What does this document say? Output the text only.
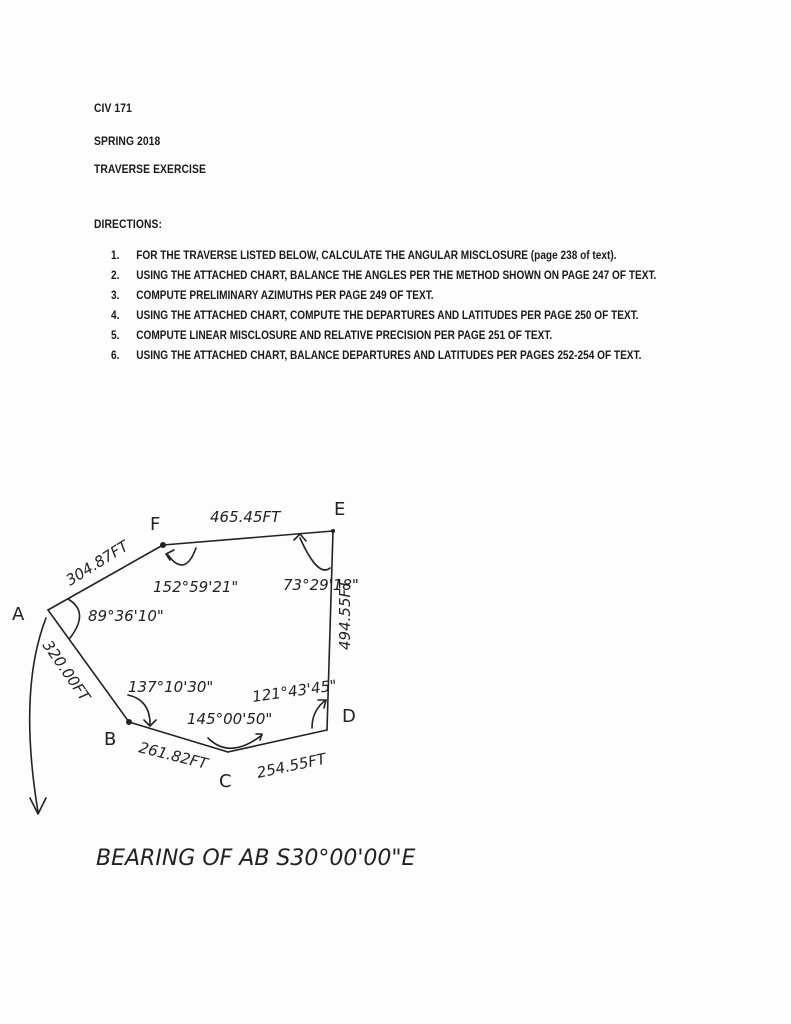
CIV 171
SPRING 2018
TRAVERSE EXERCISE
DIRECTIONS:
1. FOR THE TRAVERSE LISTED BELOW, CALCULATE THE ANGULAR MISCLOSURE (page 238 of text).
2. USING THE ATTACHED CHART, BALANCE THE ANGLES PER THE METHOD SHOWN ON PAGE 247 OF TEXT.
3. COMPUTE PRELIMINARY AZIMUTHS PER PAGE 249 OF TEXT.
4. USING THE ATTACHED CHART, COMPUTE THE DEPARTURES AND LATITUDES PER PAGE 250 OF TEXT.
5. COMPUTE LINEAR MISCLOSURE AND RELATIVE PRECISION PER PAGE 251 OF TEXT.
6. USING THE ATTACHED CHART, BALANCE DEPARTURES AND LATITUDES PER PAGES 252-254 OF TEXT.
A
F
E
D
B
C
465.45FT
304.87FT
494.55FT
320.00FT
261.82FT	254.55FT
152°59'21"	73°29'18"
89°36'10"
137°10'30"
145°00'50"
121°43'45"
BEARING OF AB S30°00'00"E
